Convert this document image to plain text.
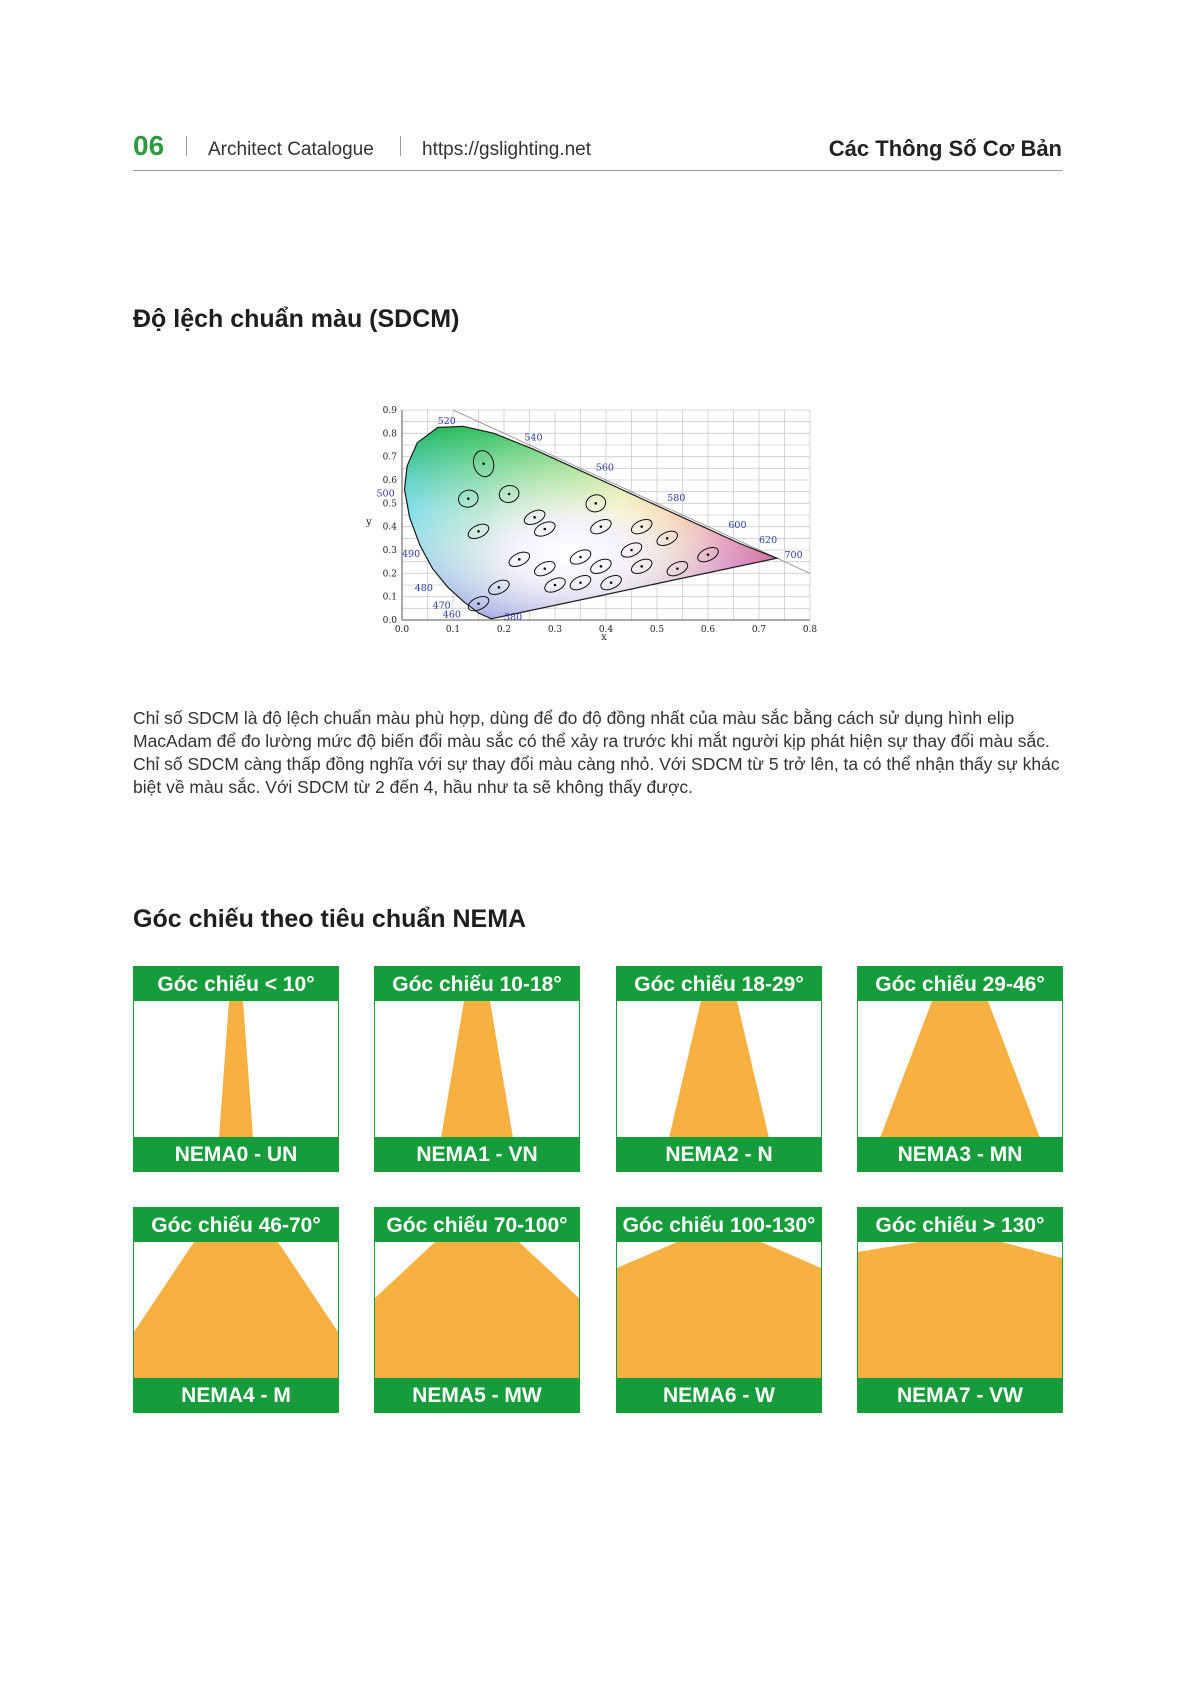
06 Architect Catalogue	https://gslighting.net	Các Thông Số Cơ Bản
Độ lệch chuẩn màu (SDCM)
0.0	0.1	0.2	0.3	0.4	0.5	0.6	0.7	0.8
0.0
0.1
0.2
0.3
0.4
0.5
0.6
0.7
0.8
0.9
x
y
520
540
560
580
600
620
700
500
490
480
470
460	380

Chỉ số SDCM là độ lệch chuẩn màu phù hợp, dùng để đo độ đồng nhất của màu sắc bằng cách sử dụng hình elip MacAdam để đo lường mức độ biến đổi màu sắc có thể xảy ra trước khi mắt người kịp phát hiện sự thay đổi màu sắc. Chỉ số SDCM càng thấp đồng nghĩa với sự thay đổi màu càng nhỏ. Với SDCM từ 5 trở lên, ta có thể nhận thấy sự khác biệt về màu sắc. Với SDCM từ 2 đến 4, hầu như ta sẽ không thấy được.

Góc chiếu theo tiêu chuẩn NEMA
Góc chiếu < 10°
NEMA0 - UN
Góc chiếu 10-18°
NEMA1 - VN
Góc chiếu 18-29°
NEMA2 - N
Góc chiếu 29-46°
NEMA3 - MN
Góc chiếu 46-70°
NEMA4 - M
Góc chiếu 70-100°
NEMA5 - MW
Góc chiếu 100-130°
NEMA6 - W
Góc chiếu > 130°
NEMA7 - VW
